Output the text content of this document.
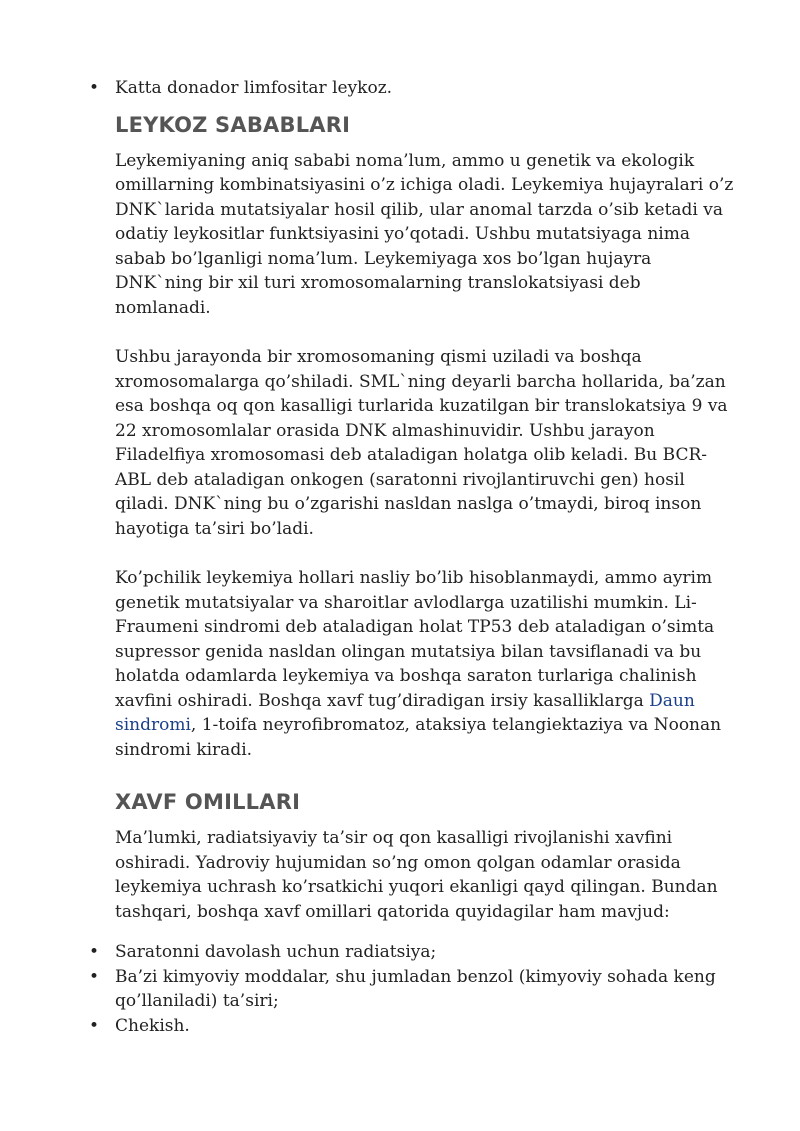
• Katta donador limfositar leykoz.
LEYKOZ SABABLARI

Leykemiyaning aniq sababi noma’lum, ammo u genetik va ekologik omillarning kombinatsiyasini o’z ichiga oladi. Leykemiya hujayralari o’z DNK`larida mutatsiyalar hosil qilib, ular anomal tarzda o’sib ketadi va odatiy leykositlar funktsiyasini yo’qotadi. Ushbu mutatsiyaga nima sabab bo’lganligi noma’lum. Leykemiyaga xos bo’lgan hujayra DNK`ning bir xil turi xromosomalarning translokatsiyasi deb nomlanadi.

Ushbu jarayonda bir xromosomaning qismi uziladi va boshqa xromosomalarga qo’shiladi. SML`ning deyarli barcha hollarida, ba’zan esa boshqa oq qon kasalligi turlarida kuzatilgan bir translokatsiya 9 va 22 xromosomlalar orasida DNK almashinuvidir. Ushbu jarayon Filadelfiya xromosomasi deb ataladigan holatga olib keladi. Bu BCR-ABL deb ataladigan onkogen (saratonni rivojlantiruvchi gen) hosil qiladi. DNK`ning bu o’zgarishi nasldan naslga o’tmaydi, biroq inson hayotiga ta’siri bo’ladi.

Ko’pchilik leykemiya hollari nasliy bo’lib hisoblanmaydi, ammo ayrim genetik mutatsiyalar va sharoitlar avlodlarga uzatilishi mumkin. Li-Fraumeni sindromi deb ataladigan holat TP53 deb ataladigan o’simta supressor genida nasldan olingan mutatsiya bilan tavsiflanadi va bu holatda odamlarda leykemiya va boshqa saraton turlariga chalinish xavfini oshiradi. Boshqa xavf tug’diradigan irsiy kasalliklarga Daun sindromi, 1-toifa neyrofibromatoz, ataksiya telangiektaziya va Noonan sindromi kiradi.

XAVF OMILLARI

Ma’lumki, radiatsiyaviy ta’sir oq qon kasalligi rivojlanishi xavfini oshiradi. Yadroviy hujumidan so’ng omon qolgan odamlar orasida leykemiya uchrash ko’rsatkichi yuqori ekanligi qayd qilingan. Bundan tashqari, boshqa xavf omillari qatorida quyidagilar ham mavjud:

• Saratonni davolash uchun radiatsiya;
• Ba’zi kimyoviy moddalar, shu jumladan benzol (kimyoviy sohada keng qo’llaniladi) ta’siri;
• Chekish.
